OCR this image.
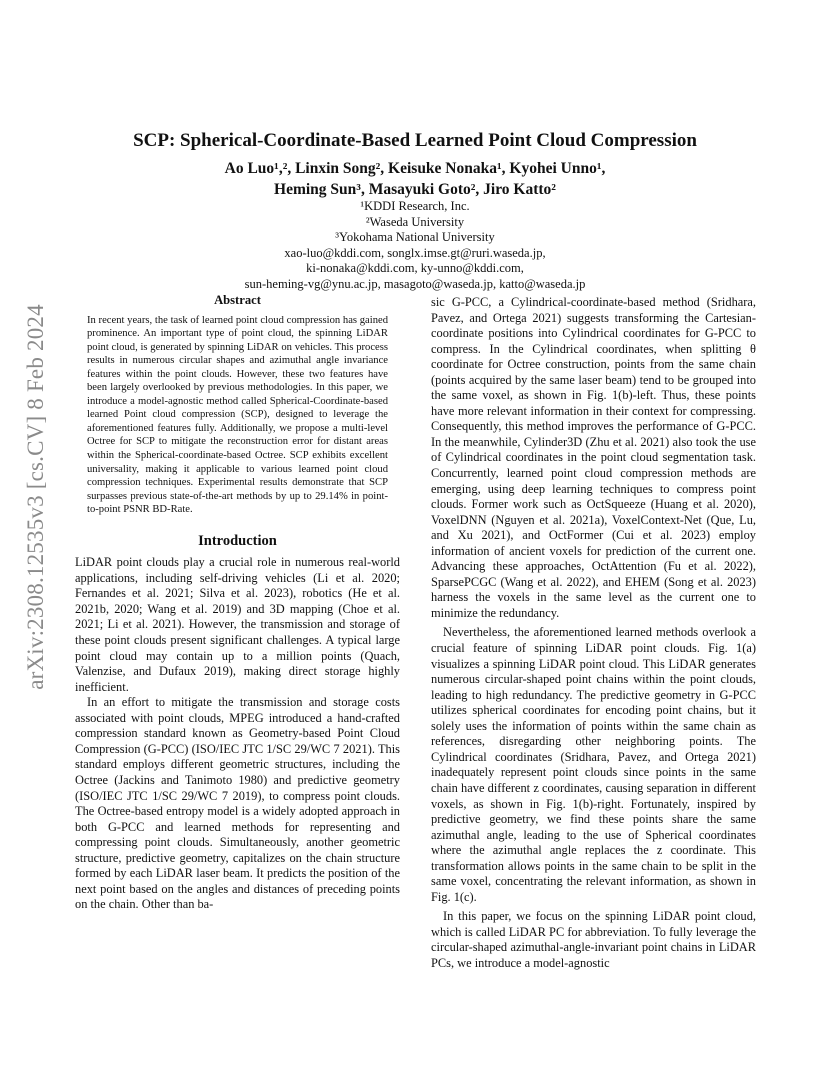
arXiv:2308.12535v3 [cs.CV] 8 Feb 2024
SCP: Spherical-Coordinate-Based Learned Point Cloud Compression
Ao Luo¹,², Linxin Song², Keisuke Nonaka¹, Kyohei Unno¹,
Heming Sun³, Masayuki Goto², Jiro Katto²
¹KDDI Research, Inc.
²Waseda University
³Yokohama National University
xao-luo@kddi.com, songlx.imse.gt@ruri.waseda.jp,
ki-nonaka@kddi.com, ky-unno@kddi.com,
sun-heming-vg@ynu.ac.jp, masagoto@waseda.jp, katto@waseda.jp
Abstract

In recent years, the task of learned point cloud compression has gained prominence. An important type of point cloud, the spinning LiDAR point cloud, is generated by spinning LiDAR on vehicles. This process results in numerous circular shapes and azimuthal angle invariance features within the point clouds. However, these two features have been largely overlooked by previous methodologies. In this paper, we introduce a model-agnostic method called Spherical-Coordinate-based learned Point cloud compression (SCP), designed to leverage the aforementioned features fully. Additionally, we propose a multi-level Octree for SCP to mitigate the reconstruction error for distant areas within the Spherical-coordinate-based Octree. SCP exhibits excellent universality, making it applicable to various learned point cloud compression techniques. Experimental results demonstrate that SCP surpasses previous state-of-the-art methods by up to 29.14% in point-to-point PSNR BD-Rate.

Introduction

LiDAR point clouds play a crucial role in numerous real-world applications, including self-driving vehicles (Li et al. 2020; Fernandes et al. 2021; Silva et al. 2023), robotics (He et al. 2021b, 2020; Wang et al. 2019) and 3D mapping (Choe et al. 2021; Li et al. 2021). However, the transmission and storage of these point clouds present significant challenges. A typical large point cloud may contain up to a million points (Quach, Valenzise, and Dufaux 2019), making direct storage highly inefficient.

In an effort to mitigate the transmission and storage costs associated with point clouds, MPEG introduced a hand-crafted compression standard known as Geometry-based Point Cloud Compression (G-PCC) (ISO/IEC JTC 1/SC 29/WC 7 2021). This standard employs different geometric structures, including the Octree (Jackins and Tanimoto 1980) and predictive geometry (ISO/IEC JTC 1/SC 29/WC 7 2019), to compress point clouds. The Octree-based entropy model is a widely adopted approach in both G-PCC and learned methods for representing and compressing point clouds. Simultaneously, another geometric structure, predictive geometry, capitalizes on the chain structure formed by each LiDAR laser beam. It predicts the position of the next point based on the angles and distances of preceding points on the chain. Other than ba-

sic G-PCC, a Cylindrical-coordinate-based method (Sridhara, Pavez, and Ortega 2021) suggests transforming the Cartesian-coordinate positions into Cylindrical coordinates for G-PCC to compress. In the Cylindrical coordinates, when splitting θ coordinate for Octree construction, points from the same chain (points acquired by the same laser beam) tend to be grouped into the same voxel, as shown in Fig. 1(b)-left. Thus, these points have more relevant information in their context for compressing. Consequently, this method improves the performance of G-PCC. In the meanwhile, Cylinder3D (Zhu et al. 2021) also took the use of Cylindrical coordinates in the point cloud segmentation task. Concurrently, learned point cloud compression methods are emerging, using deep learning techniques to compress point clouds. Former work such as OctSqueeze (Huang et al. 2020), VoxelDNN (Nguyen et al. 2021a), VoxelContext-Net (Que, Lu, and Xu 2021), and OctFormer (Cui et al. 2023) employ information of ancient voxels for prediction of the current one. Advancing these approaches, OctAttention (Fu et al. 2022), SparsePCGC (Wang et al. 2022), and EHEM (Song et al. 2023) harness the voxels in the same level as the current one to minimize the redundancy.

Nevertheless, the aforementioned learned methods overlook a crucial feature of spinning LiDAR point clouds. Fig. 1(a) visualizes a spinning LiDAR point cloud. This LiDAR generates numerous circular-shaped point chains within the point clouds, leading to high redundancy. The predictive geometry in G-PCC utilizes spherical coordinates for encoding point chains, but it solely uses the information of points within the same chain as references, disregarding other neighboring points. The Cylindrical coordinates (Sridhara, Pavez, and Ortega 2021) inadequately represent point clouds since points in the same chain have different z coordinates, causing separation in different voxels, as shown in Fig. 1(b)-right. Fortunately, inspired by predictive geometry, we find these points share the same azimuthal angle, leading to the use of Spherical coordinates where the azimuthal angle replaces the z coordinate. This transformation allows points in the same chain to be split in the same voxel, concentrating the relevant information, as shown in Fig. 1(c).

In this paper, we focus on the spinning LiDAR point cloud, which is called LiDAR PC for abbreviation. To fully leverage the circular-shaped azimuthal-angle-invariant point chains in LiDAR PCs, we introduce a model-agnostic
